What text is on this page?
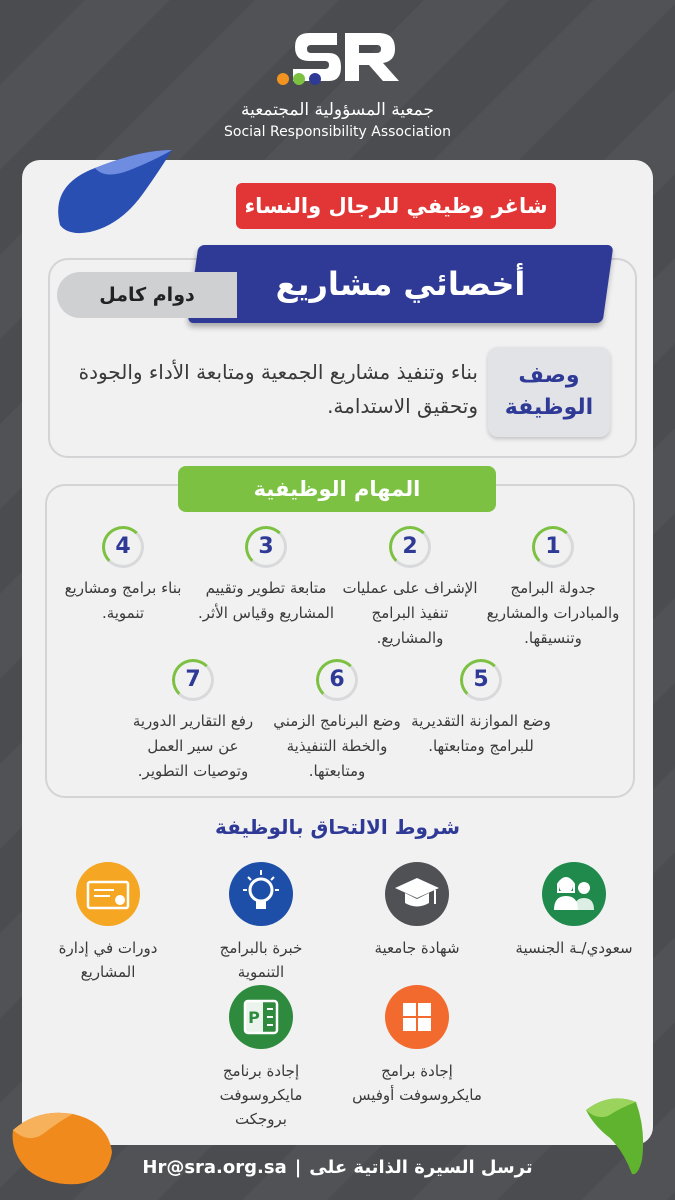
جمعية المسؤولية المجتمعية
Social Responsibility Association
شاغر وظيفي للرجال والنساء
أخصائي مشاريع
دوام كامل
وصف الوظيفة
بناء وتنفيذ مشاريع الجمعية ومتابعة الأداء والجودة وتحقيق الاستدامة.
المهام الوظيفية
1
جدولة البرامج والمبادرات والمشاريع وتنسيقها.
2
الإشراف على عمليات تنفيذ البرامج والمشاريع.
3
متابعة تطوير وتقييم المشاريع وقياس الأثر.
4
بناء برامج ومشاريع تنموية.
5
وضع الموازنة التقديرية للبرامج ومتابعتها.
6
وضع البرنامج الزمني والخطة التنفيذية ومتابعتها.
7
رفع التقارير الدورية عن سير العمل وتوصيات التطوير.
شروط الالتحاق بالوظيفة
سعودي/ـة الجنسية
شهادة جامعية
خبرة بالبرامج التنموية
دورات في إدارة المشاريع
إجادة برامج مايكروسوفت أوفيس
P
إجادة برنامج مايكروسوفت بروجكت
ترسل السيرة الذاتية على|Hr@sra.org.sa
